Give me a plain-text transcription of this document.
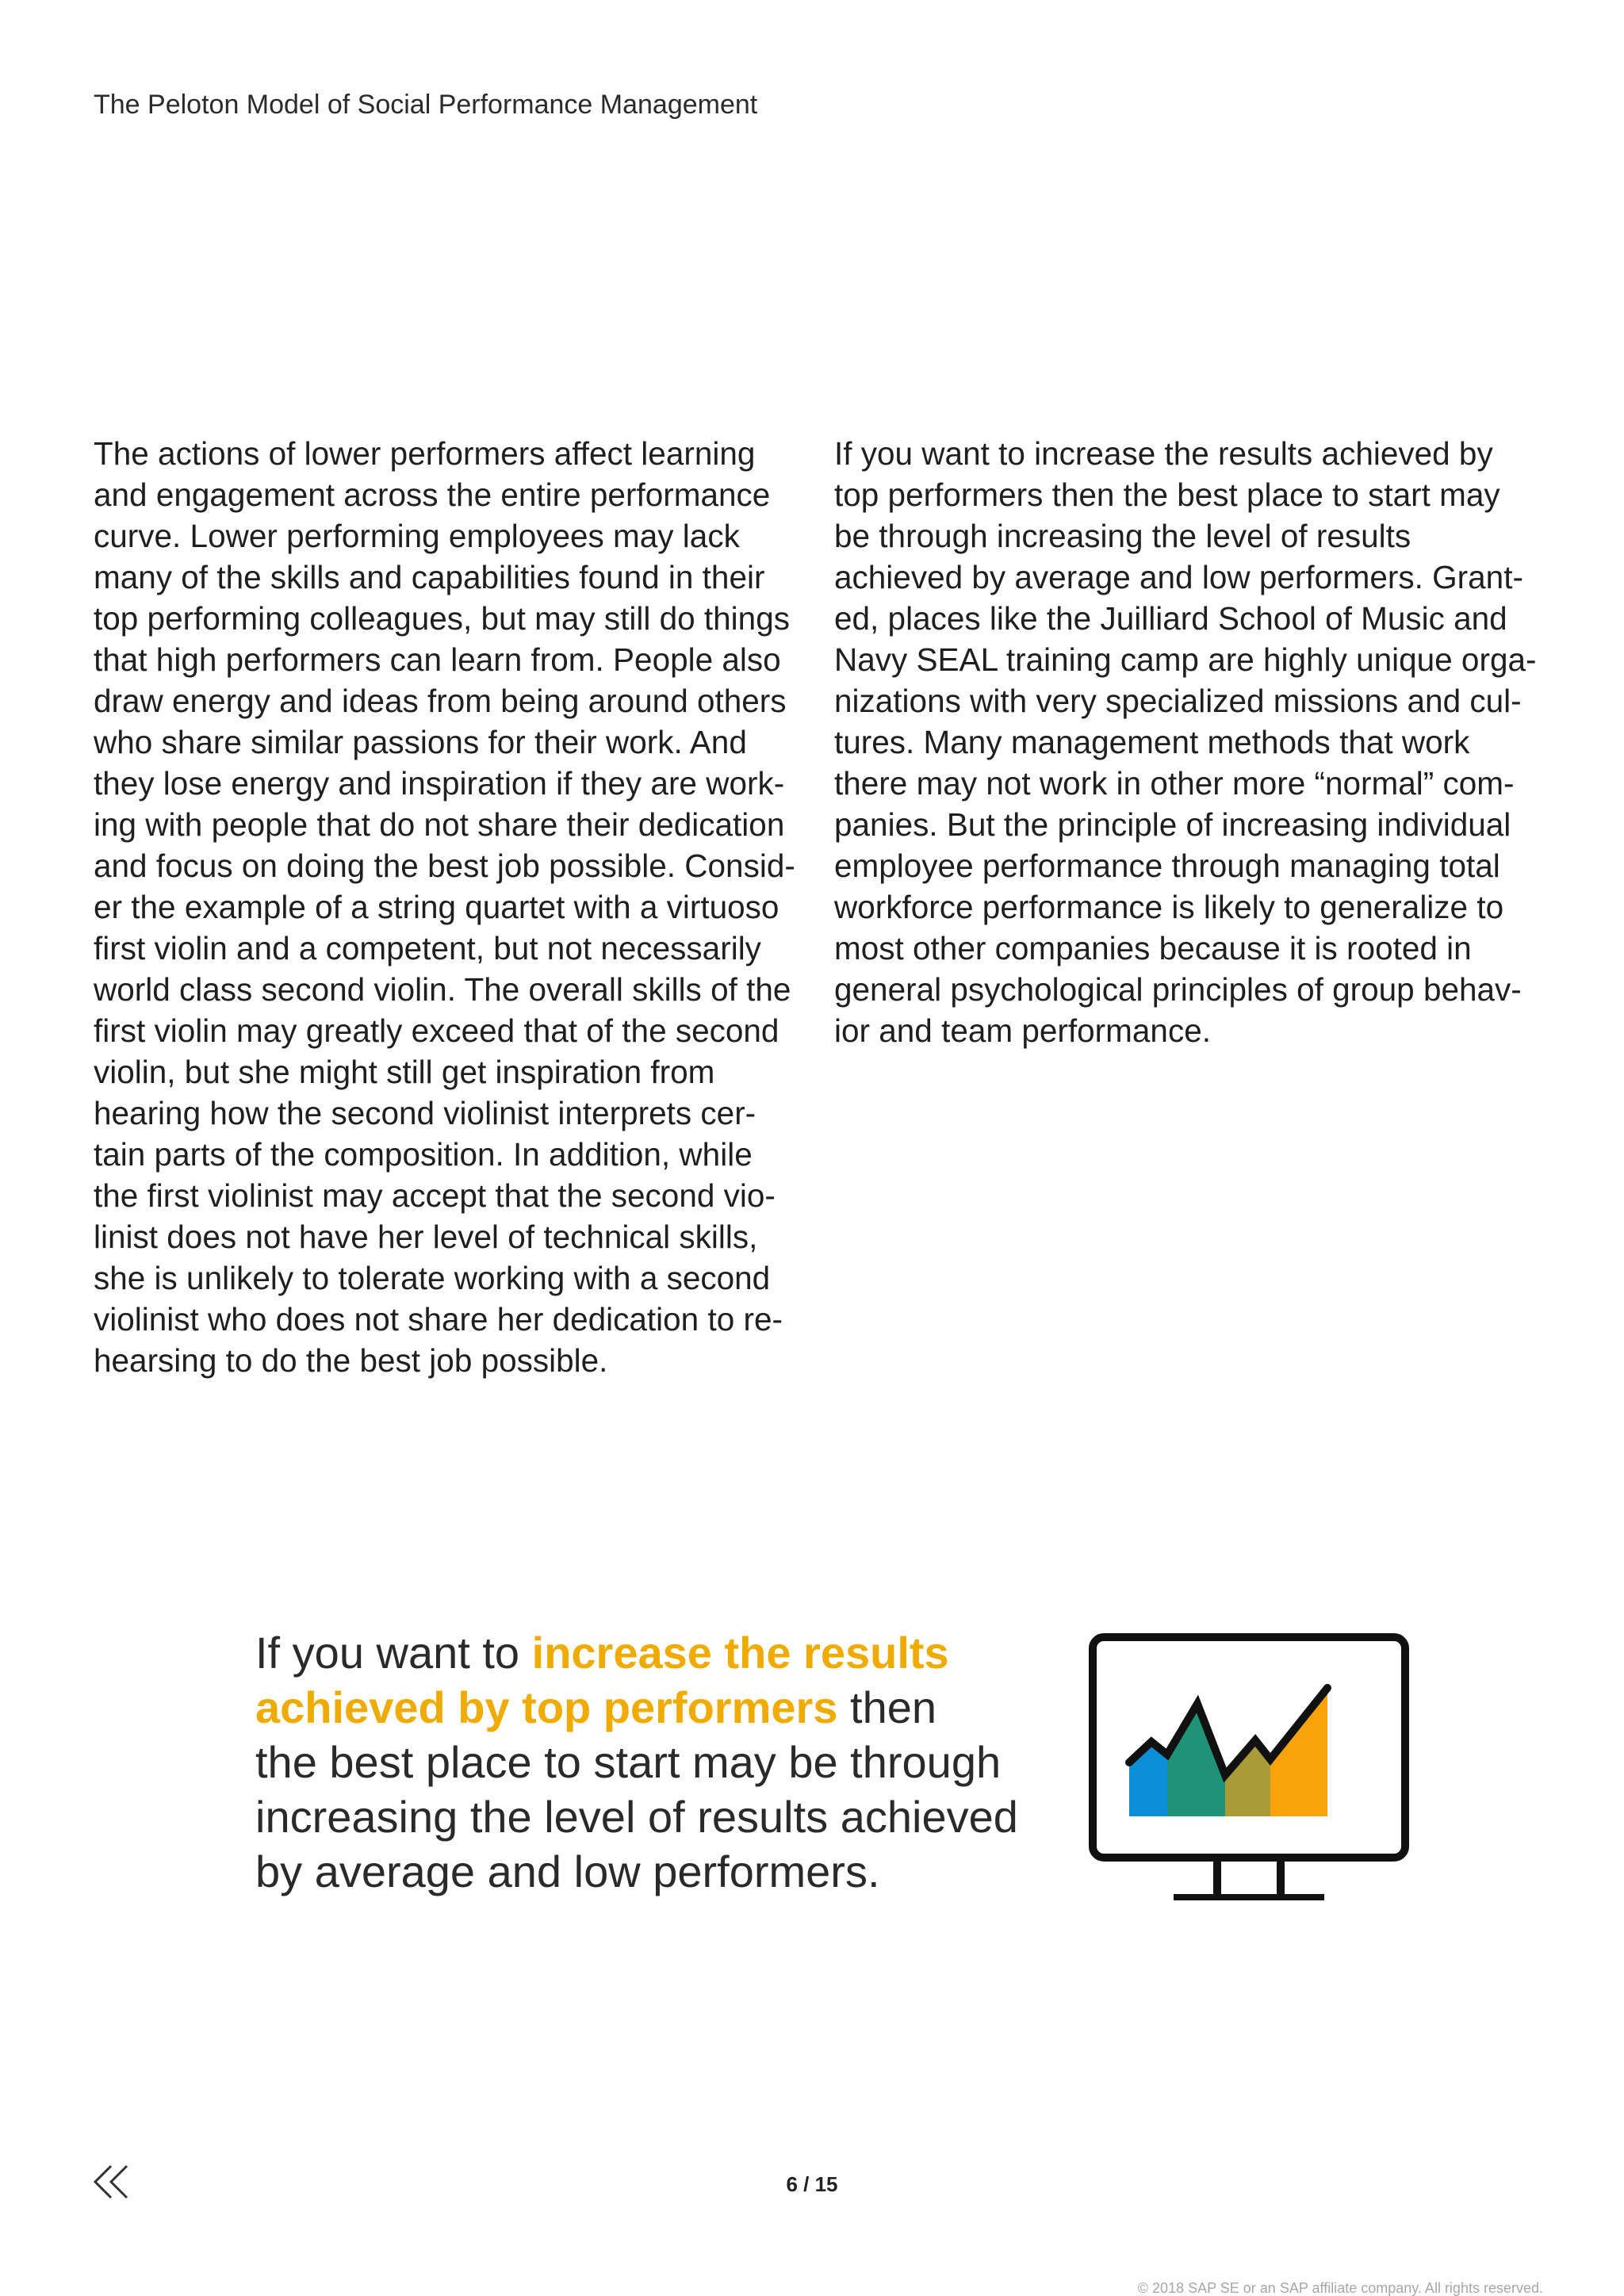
The Peloton Model of Social Performance Management
The actions of lower performers affect learning
and engagement across the entire performance
curve. Lower performing employees may lack
many of the skills and capabilities found in their
top performing colleagues, but may still do things
that high performers can learn from. People also
draw energy and ideas from being around others
who share similar passions for their work. And
they lose energy and inspiration if they are work-
ing with people that do not share their dedication
and focus on doing the best job possible. Consid-
er the example of a string quartet with a virtuoso
first violin and a competent, but not necessarily
world class second violin. The overall skills of the
first violin may greatly exceed that of the second
violin, but she might still get inspiration from
hearing how the second violinist interprets cer-
tain parts of the composition. In addition, while
the first violinist may accept that the second vio-
linist does not have her level of technical skills,
she is unlikely to tolerate working with a second
violinist who does not share her dedication to re-
hearsing to do the best job possible.
If you want to increase the results achieved by
top performers then the best place to start may
be through increasing the level of results
achieved by average and low performers. Grant-
ed, places like the Juilliard School of Music and
Navy SEAL training camp are highly unique orga-
nizations with very specialized missions and cul-
tures. Many management methods that work
there may not work in other more “normal” com-
panies. But the principle of increasing individual
employee performance through managing total
workforce performance is likely to generalize to
most other companies because it is rooted in
general psychological principles of group behav-
ior and team performance.
If you want to increase the results
achieved by top performers then
the best place to start may be through
increasing the level of results achieved
by average and low performers.
6 / 15
© 2018 SAP SE or an SAP affiliate company. All rights reserved.
